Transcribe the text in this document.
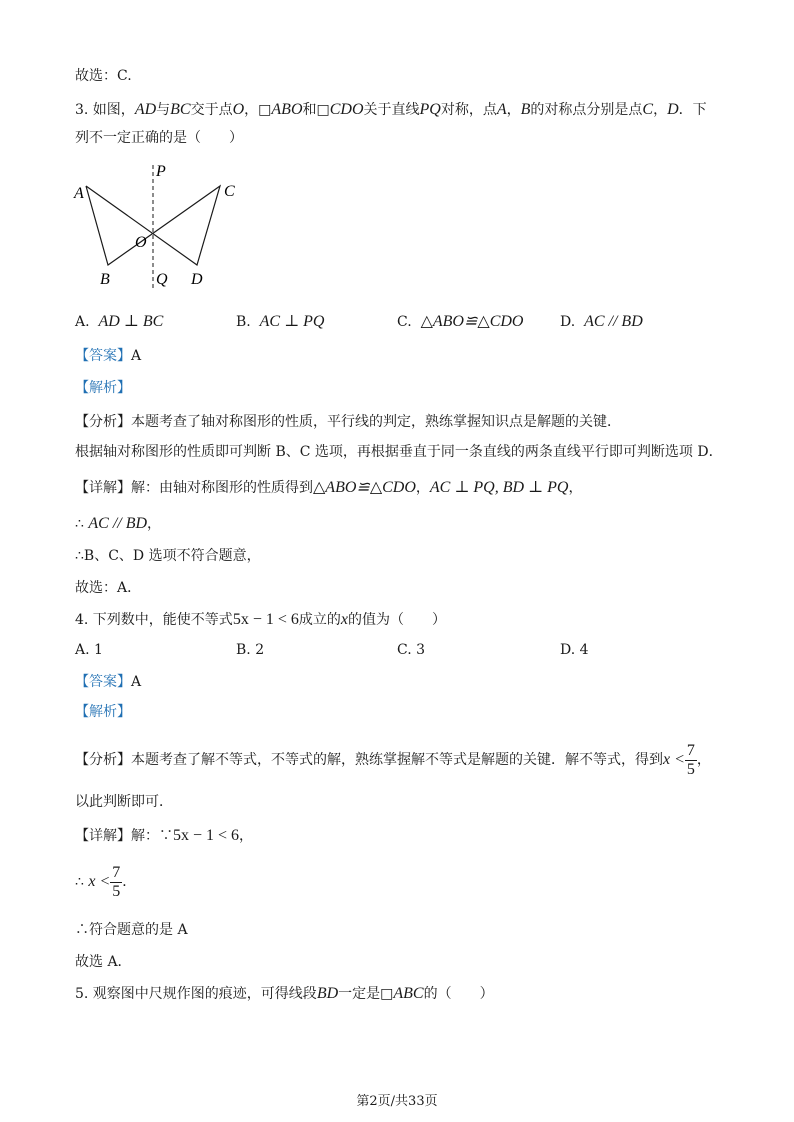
故选：C.
3. 如图，AD与BC交于点O，□ABO和□CDO关于直线PQ对称，点A，B的对称点分别是点C，D．下
列不一定正确的是（　　）
A
B
C
D
O
P
Q
A. AD ⊥ BC	B. AC ⊥ PQ	C. △ABO≌△CDO	D. AC // BD
【答案】A
【解析】
【分析】本题考查了轴对称图形的性质，平行线的判定，熟练掌握知识点是解题的关键．
根据轴对称图形的性质即可判断 B、C 选项，再根据垂直于同一条直线的两条直线平行即可判断选项 D．
【详解】解：由轴对称图形的性质得到△ABO≌△CDO，AC ⊥ PQ, BD ⊥ PQ，
∴ AC // BD，
∴B、C、D 选项不符合题意，
故选：A．
4. 下列数中，能使不等式5x − 1 < 6成立的x的值为（　　）
A. 1	B. 2	C. 3	D. 4
【答案】A
【解析】
【分析】本题考查了解不等式，不等式的解，熟练掌握解不等式是解题的关键．解不等式，得到$x < \frac{7}{5}$ ，
以此判断即可．
【详解】解：∵5x − 1 < 6，
∴ $x < \frac{7}{5}$ ．
∴符合题意的是 A
故选 A．
5. 观察图中尺规作图的痕迹，可得线段BD一定是□ABC的（　　）
第2页/共33页
